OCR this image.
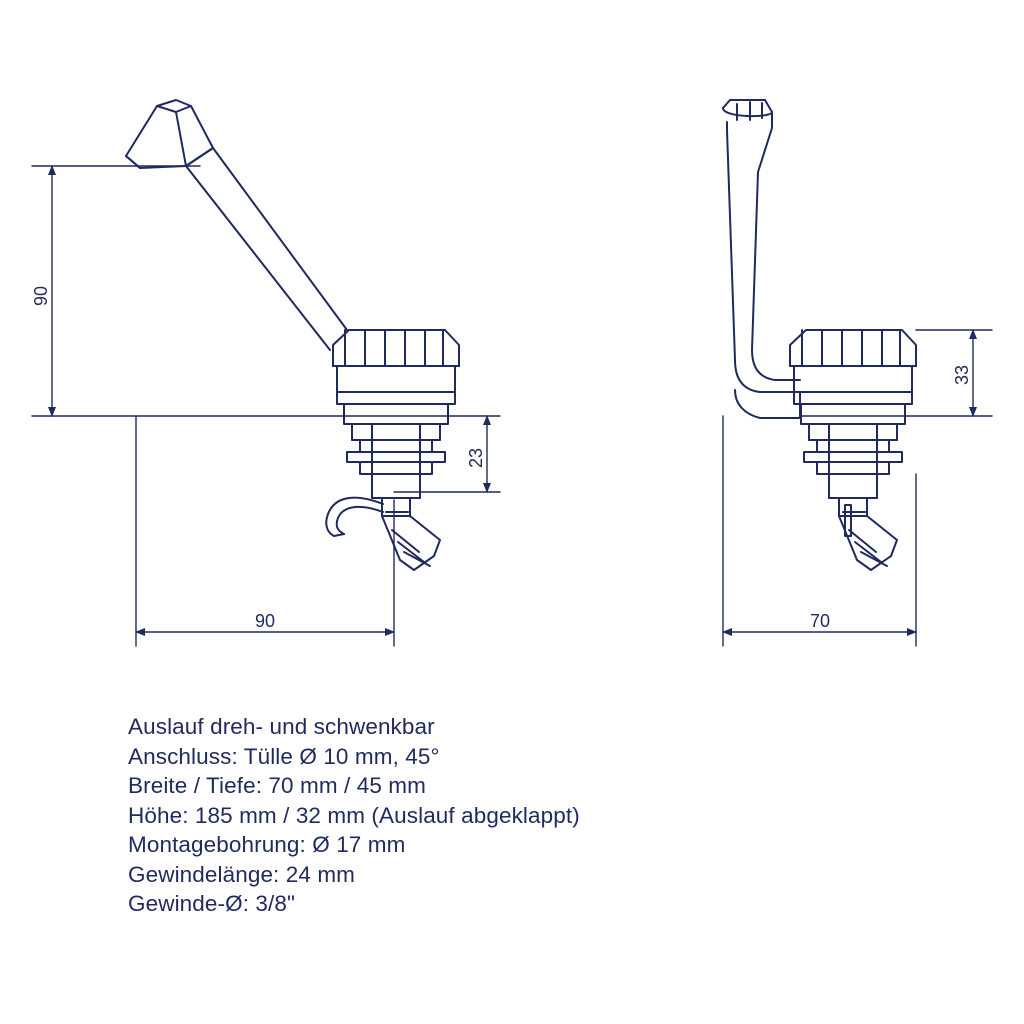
90
23
90
33
70
Auslauf dreh- und schwenkbar
Anschluss: Tülle Ø 10 mm, 45°
Breite / Tiefe: 70 mm / 45 mm
Höhe: 185 mm / 32 mm (Auslauf abgeklappt)
Montagebohrung: Ø 17 mm
Gewindelänge: 24 mm
Gewinde-Ø: 3/8"
